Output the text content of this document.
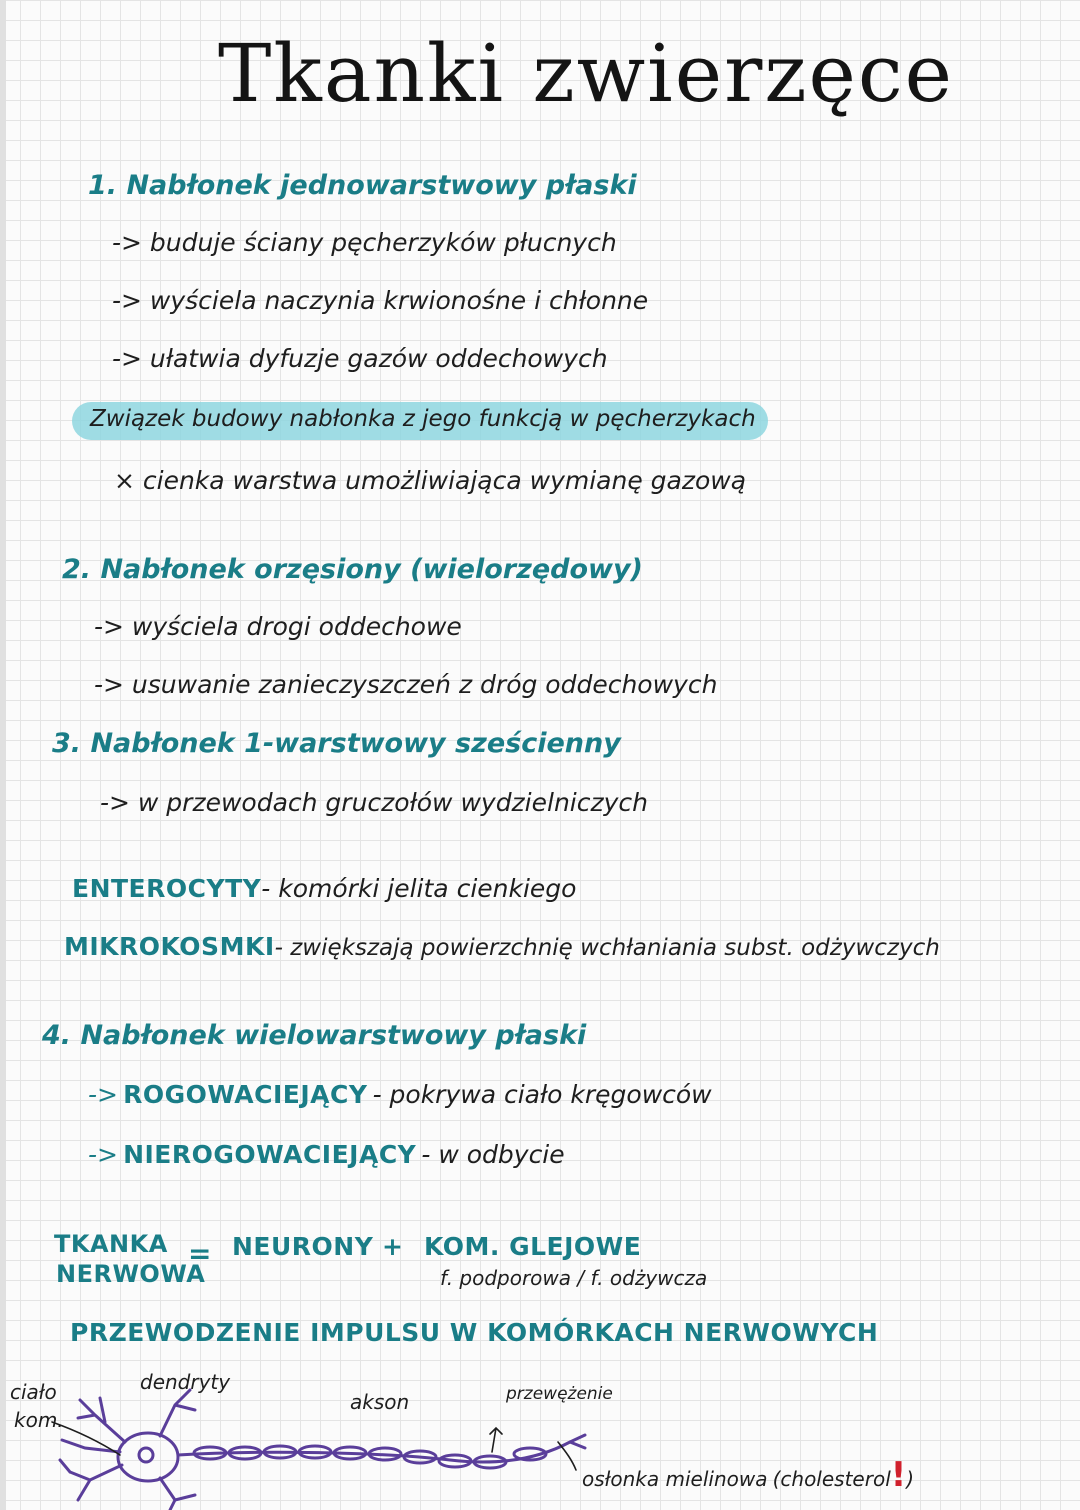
Tkanki zwierzęce
1. Nabłonek jednowarstwowy płaski
-> buduje ściany pęcherzyków płucnych
-> wyściela naczynia krwionośne i chłonne
-> ułatwia dyfuzje gazów oddechowych
Związek budowy nabłonka z jego funkcją w pęcherzykach
× cienka warstwa umożliwiająca wymianę gazową
2. Nabłonek orzęsiony (wielorzędowy)
-> wyściela drogi oddechowe
-> usuwanie zanieczyszczeń z dróg oddechowych
3. Nabłonek 1-warstwowy sześcienny
-> w przewodach gruczołów wydzielniczych
ENTEROCYTY- komórki jelita cienkiego
MIKROKOSMKI- zwiększają powierzchnię wchłaniania subst. odżywczych
4. Nabłonek wielowarstwowy płaski
-> ROGOWACIEJĄCY - pokrywa ciało kręgowców
-> NIEROGOWACIEJĄCY - w odbycie
TKANKA
NERWOWA
= NEURONY + KOM. GLEJOWE
f. podporowa / f. odżywcza
PRZEWODZENIE IMPULSU W KOMÓRKACH NERWOWYCH
ciało
kom.
dendryty
akson	przewężenie
osłonka mielinowa (cholesterol!)
